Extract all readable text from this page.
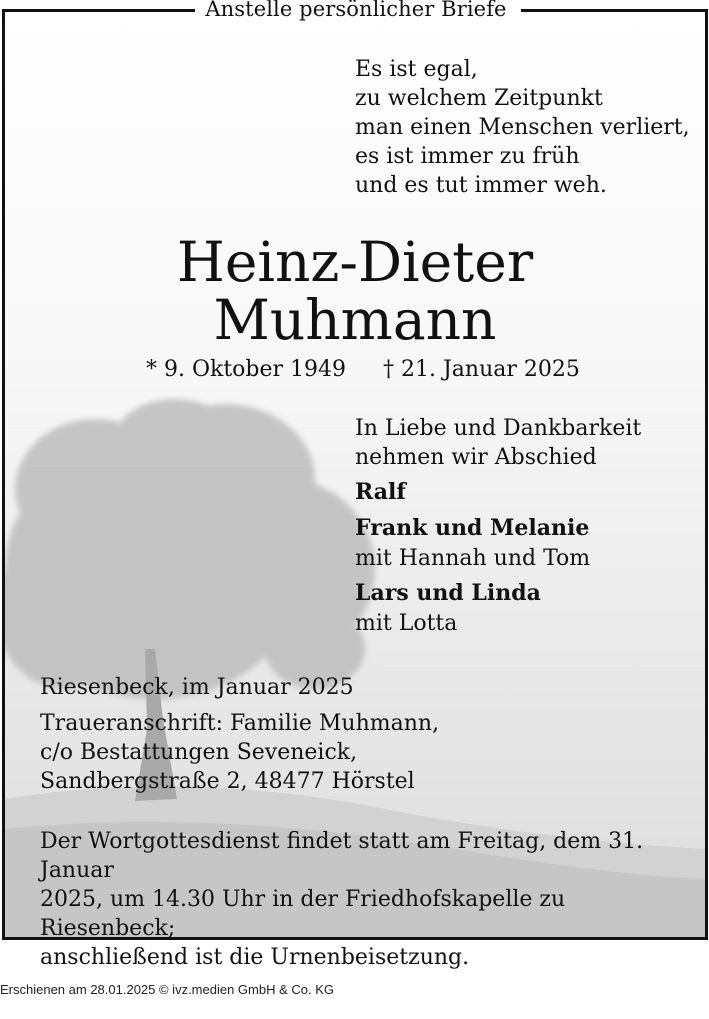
Anstelle persönlicher Briefe
Es ist egal,
zu welchem Zeitpunkt
man einen Menschen verliert,
es ist immer zu früh
und es tut immer weh.
Heinz-Dieter
Muhmann
* 9. Oktober 1949 † 21. Januar 2025
In Liebe und Dankbarkeit
nehmen wir Abschied
Ralf
Frank und Melanie
mit Hannah und Tom
Lars und Linda
mit Lotta
Riesenbeck, im Januar 2025
Traueranschrift: Familie Muhmann,
c/o Bestattungen Seveneick,
Sandbergstraße 2, 48477 Hörstel
Der Wortgottesdienst findet statt am Freitag, dem 31. Januar
2025, um 14.30 Uhr in der Friedhofskapelle zu Riesenbeck;
anschließend ist die Urnenbeisetzung.
Erschienen am 28.01.2025 © ivz.medien GmbH & Co. KG
